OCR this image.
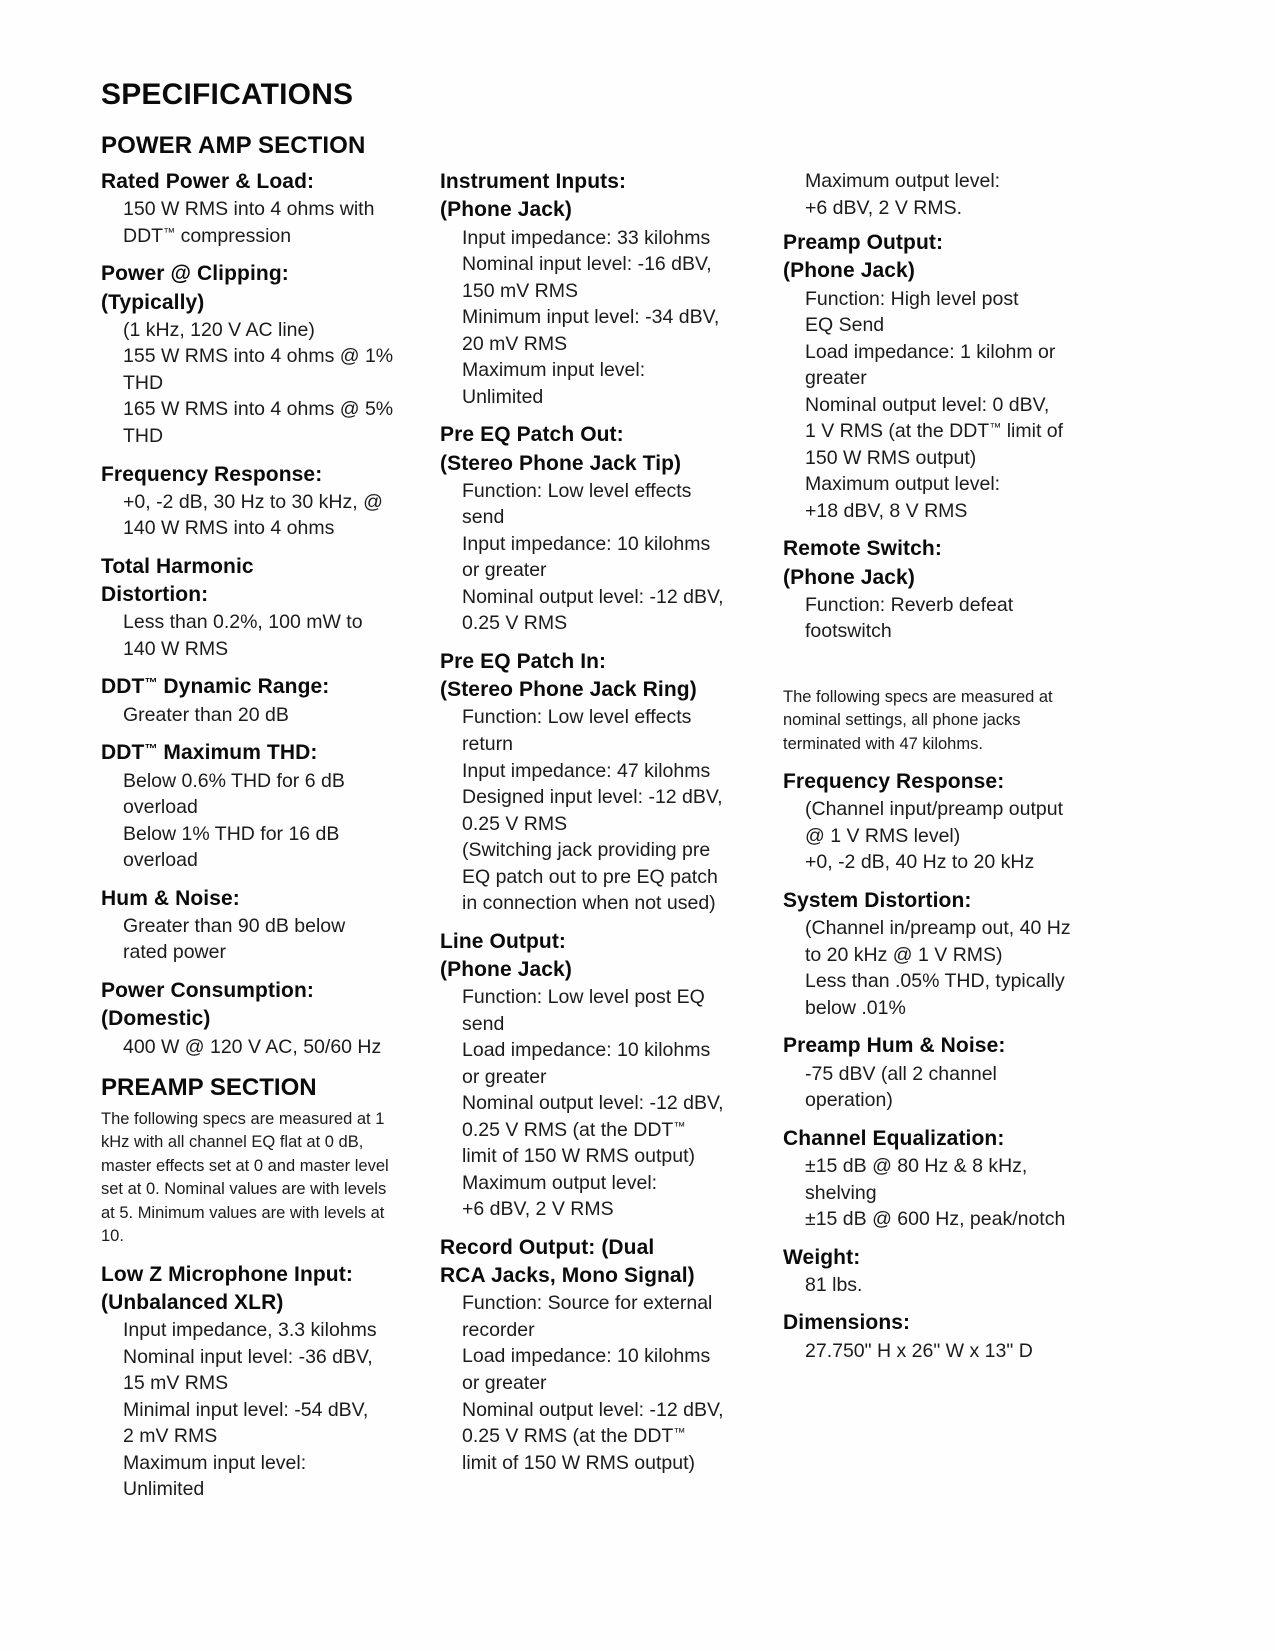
SPECIFICATIONS
POWER AMP SECTION
Rated Power & Load:
150 W RMS into 4 ohms with
DDT™ compression
Power @ Clipping:
(Typically)
(1 kHz, 120 V AC line)
155 W RMS into 4 ohms @ 1%
THD
165 W RMS into 4 ohms @ 5%
THD
Frequency Response:
+0, -2 dB, 30 Hz to 30 kHz, @
140 W RMS into 4 ohms
Total Harmonic
Distortion:
Less than 0.2%, 100 mW to
140 W RMS
DDT™ Dynamic Range:
Greater than 20 dB
DDT™ Maximum THD:
Below 0.6% THD for 6 dB
overload
Below 1% THD for 16 dB
overload
Hum & Noise:
Greater than 90 dB below
rated power
Power Consumption:
(Domestic)
400 W @ 120 V AC, 50/60 Hz
PREAMP SECTION
The following specs are measured at 1
kHz with all channel EQ flat at 0 dB,
master effects set at 0 and master level
set at 0. Nominal values are with levels
at 5. Minimum values are with levels at
10.
Low Z Microphone Input:
(Unbalanced XLR)
Input impedance, 3.3 kilohms
Nominal input level: -36 dBV,
15 mV RMS
Minimal input level: -54 dBV,
2 mV RMS
Maximum input level:
Unlimited
Instrument Inputs:
(Phone Jack)
Input impedance: 33 kilohms
Nominal input level: -16 dBV,
150 mV RMS
Minimum input level: -34 dBV,
20 mV RMS
Maximum input level:
Unlimited
Pre EQ Patch Out:
(Stereo Phone Jack Tip)
Function: Low level effects
send
Input impedance: 10 kilohms
or greater
Nominal output level: -12 dBV,
0.25 V RMS
Pre EQ Patch In:
(Stereo Phone Jack Ring)
Function: Low level effects
return
Input impedance: 47 kilohms
Designed input level: -12 dBV,
0.25 V RMS
(Switching jack providing pre
EQ patch out to pre EQ patch
in connection when not used)
Line Output:
(Phone Jack)
Function: Low level post EQ
send
Load impedance: 10 kilohms
or greater
Nominal output level: -12 dBV,
0.25 V RMS (at the DDT™
limit of 150 W RMS output)
Maximum output level:
+6 dBV, 2 V RMS
Record Output: (Dual
RCA Jacks, Mono Signal)
Function: Source for external
recorder
Load impedance: 10 kilohms
or greater
Nominal output level: -12 dBV,
0.25 V RMS (at the DDT™
limit of 150 W RMS output)
Maximum output level:
+6 dBV, 2 V RMS.
Preamp Output:
(Phone Jack)
Function: High level post
EQ Send
Load impedance: 1 kilohm or
greater
Nominal output level: 0 dBV,
1 V RMS (at the DDT™ limit of
150 W RMS output)
Maximum output level:
+18 dBV, 8 V RMS
Remote Switch:
(Phone Jack)
Function: Reverb defeat
footswitch
The following specs are measured at
nominal settings, all phone jacks
terminated with 47 kilohms.
Frequency Response:
(Channel input/preamp output
@ 1 V RMS level)
+0, -2 dB, 40 Hz to 20 kHz
System Distortion:
(Channel in/preamp out, 40 Hz
to 20 kHz @ 1 V RMS)
Less than .05% THD, typically
below .01%
Preamp Hum & Noise:
-75 dBV (all 2 channel
operation)
Channel Equalization:
±15 dB @ 80 Hz & 8 kHz,
shelving
±15 dB @ 600 Hz, peak/notch
Weight:
81 lbs.
Dimensions:
27.750" H x 26" W x 13" D
